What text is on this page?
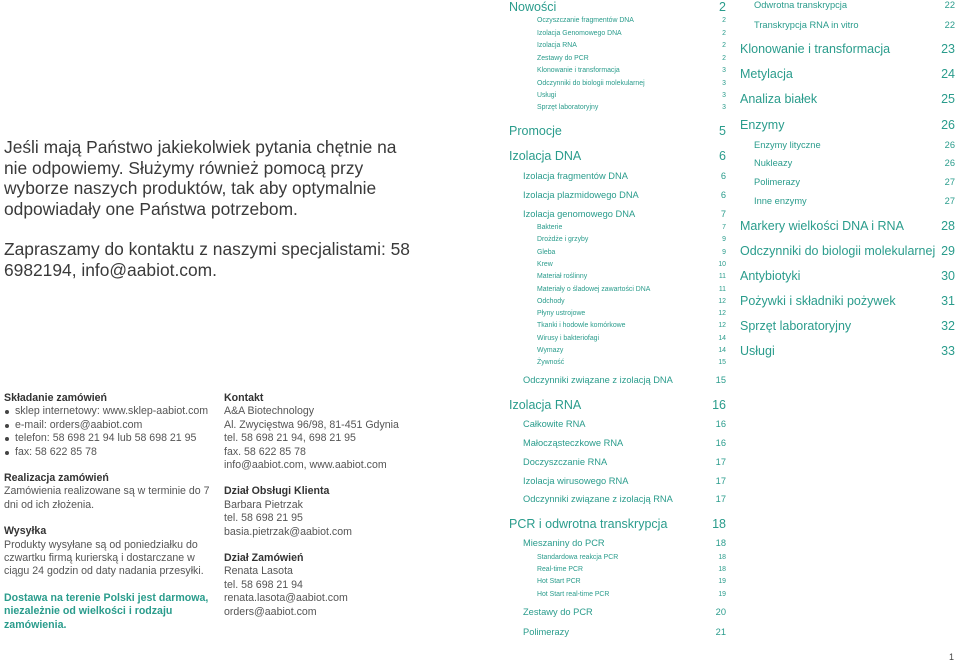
Jeśli mają Państwo jakiekolwiek pytania chętnie na nie odpowiemy. Służymy również pomocą przy wyborze naszych produktów, tak aby optymalnie odpowiadały one Państwa potrzebom.

Zapraszamy do kontaktu z naszymi specjalistami: 58 6982194, info@aabiot.com.

Składanie zamówień
sklep internetowy: www.sklep-aabiot.com
e-mail: orders@aabiot.com
telefon: 58 698 21 94 lub 58 698 21 95
fax: 58 622 85 78
Realizacja zamówień
Zamówienia realizowane są w terminie do 7 dni od ich złożenia.
Wysyłka
Produkty wysyłane są od poniedziałku do czwartku firmą kurierską i dostarczane w ciągu 24 godzin od daty nadania przesyłki.
Dostawa na terenie Polski jest darmowa, niezależnie od wielkości i rodzaju zamówienia.
Kontakt
A&A Biotechnology
Al. Zwycięstwa 96/98, 81-451 Gdynia
tel. 58 698 21 94, 698 21 95
fax. 58 622 85 78
info@aabiot.com, www.aabiot.com
Dział Obsługi Klienta
Barbara Pietrzak
tel. 58 698 21 95
basia.pietrzak@aabiot.com
Dział Zamówień
Renata Lasota
tel. 58 698 21 94
renata.lasota@aabiot.com
orders@aabiot.com
Nowości	2
Oczyszczanie fragmentów DNA	2
Izolacja Genomowego DNA	2
Izolacja RNA	2
Zestawy do PCR	2
Klonowanie i transformacja	3
Odczynniki do biologii molekularnej	3
Usługi	3
Sprzęt laboratoryjny	3
Promocje	5
Izolacja DNA	6
Izolacja fragmentów DNA	6
Izolacja plazmidowego DNA	6
Izolacja genomowego DNA	7
Bakterie	7
Drożdże i grzyby	9
Gleba	9
Krew	10
Materiał roślinny	11
Materiały o śladowej zawartości DNA	11
Odchody	12
Płyny ustrojowe	12
Tkanki i hodowle komórkowe	12
Wirusy i bakteriofagi	14
Wymazy	14
Żywność	15
Odczynniki związane z izolacją DNA	15
Izolacja RNA	16
Całkowite RNA	16
Małocząsteczkowe RNA	16
Doczyszczanie RNA	17
Izolacja wirusowego RNA	17
Odczynniki związane z izolacją RNA	17
PCR i odwrotna transkrypcja	18
Mieszaniny do PCR	18
Standardowa reakcja PCR	18
Real-time PCR	18
Hot Start PCR	19
Hot Start real-time PCR	19
Zestawy do PCR	20
Polimerazy	21
Odwrotna transkrypcja	22
Transkrypcja RNA in vitro	22
Klonowanie i transformacja	23
Metylacja	24
Analiza białek	25
Enzymy	26
Enzymy lityczne	26
Nukleazy	26
Polimerazy	27
Inne enzymy	27
Markery wielkości DNA i RNA	28
Odczynniki do biologii molekularnej 29
Antybiotyki	30
Pożywki i składniki pożywek	31
Sprzęt laboratoryjny	32
Usługi	33
1
